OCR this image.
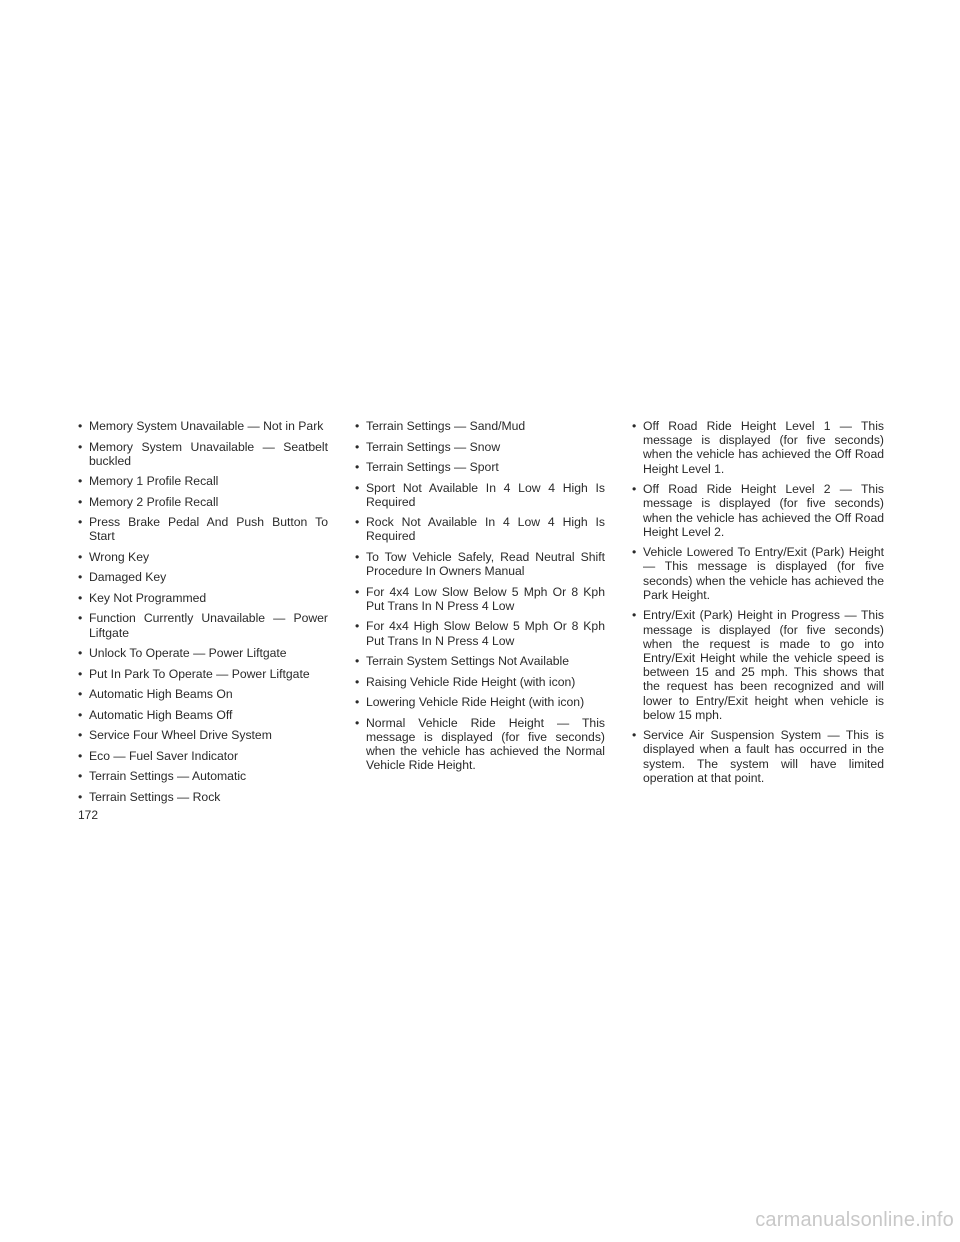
• Memory System Unavailable — Not in Park
• Memory System Unavailable — Seatbelt buckled
• Memory 1 Profile Recall
• Memory 2 Profile Recall
• Press Brake Pedal And Push Button To Start
• Wrong Key
• Damaged Key
• Key Not Programmed
• Function Currently Unavailable — Power Liftgate
• Unlock To Operate — Power Liftgate
• Put In Park To Operate — Power Liftgate
• Automatic High Beams On
• Automatic High Beams Off
• Service Four Wheel Drive System
• Eco — Fuel Saver Indicator
• Terrain Settings — Automatic
• Terrain Settings — Rock
• Terrain Settings — Sand/Mud
• Terrain Settings — Snow
• Terrain Settings — Sport
• Sport Not Available In 4 Low 4 High Is Required
• Rock Not Available In 4 Low 4 High Is Required
• To Tow Vehicle Safely, Read Neutral Shift Procedure In Owners Manual
• For 4x4 Low Slow Below 5 Mph Or 8 Kph Put Trans In N Press 4 Low
• For 4x4 High Slow Below 5 Mph Or 8 Kph Put Trans In N Press 4 Low
• Terrain System Settings Not Available
• Raising Vehicle Ride Height (with icon)
• Lowering Vehicle Ride Height (with icon)
• Normal Vehicle Ride Height — This message is displayed (for five seconds) when the vehicle has achieved the Normal Vehicle Ride Height.
• Off Road Ride Height Level 1 — This message is displayed (for five seconds) when the vehicle has achieved the Off Road Height Level 1.
• Off Road Ride Height Level 2 — This message is displayed (for five seconds) when the vehicle has achieved the Off Road Height Level 2.
• Vehicle Lowered To Entry/Exit (Park) Height — This message is displayed (for five seconds) when the vehicle has achieved the Park Height.
• Entry/Exit (Park) Height in Progress — This message is displayed (for five seconds) when the request is made to go into Entry/Exit Height while the vehicle speed is between 15 and 25 mph. This shows that the request has been recognized and will lower to Entry/Exit height when vehicle is below 15 mph.
• Service Air Suspension System — This is displayed when a fault has occurred in the system. The system will have limited operation at that point.
172
carmanualsonline.info
